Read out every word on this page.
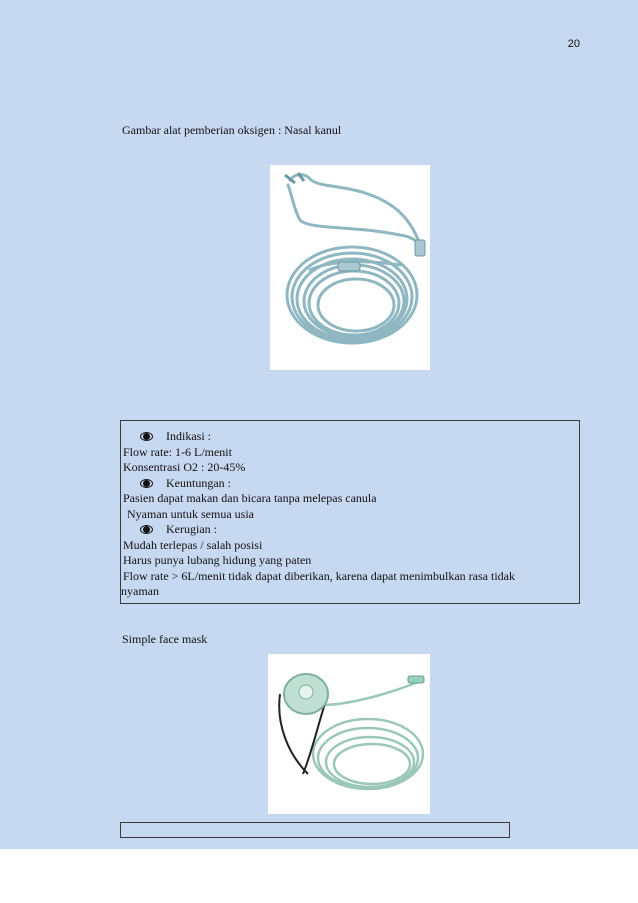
20
Gambar alat pemberian oksigen : Nasal kanul
Indikasi :
Flow rate: 1-6 L/menit
Konsentrasi O2 : 20-45%
Keuntungan :
Pasien dapat makan dan bicara tanpa melepas canula
Nyaman untuk semua usia
Kerugian :
Mudah terlepas / salah posisi
Harus punya lubang hidung yang paten
Flow rate > 6L/menit tidak dapat diberikan, karena dapat menimbulkan rasa tidak
nyaman
Simple face mask
